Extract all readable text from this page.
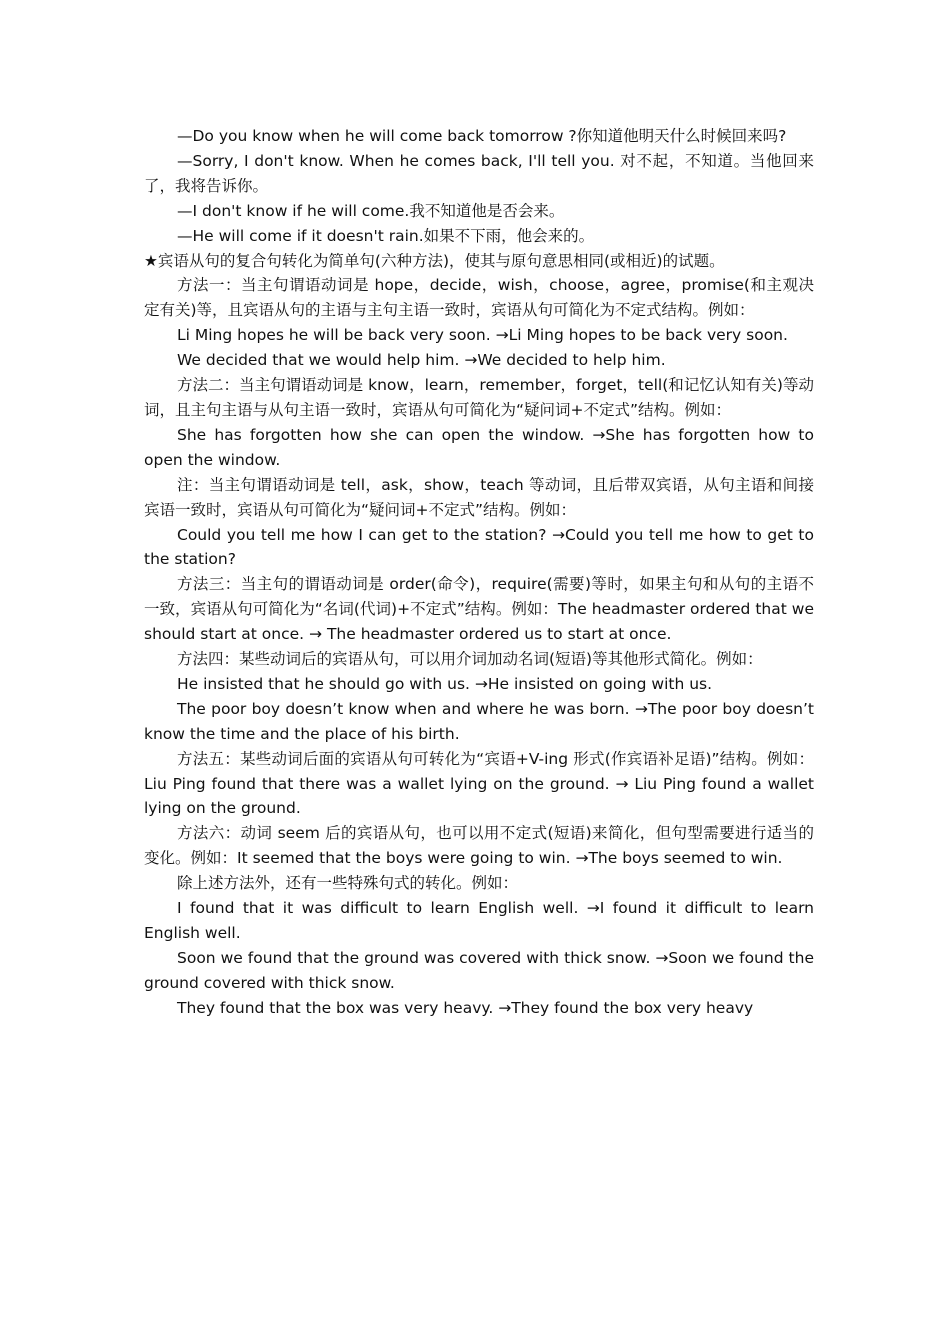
—Do you know when he will come back tomorrow ?你知道他明天什么时候回来吗?

—Sorry, I don't know. When he comes back, I'll tell you. 对不起，不知道。当他回来了，我将告诉你。

—I don't know if he will come.我不知道他是否会来。

—He will come if it doesn't rain.如果不下雨，他会来的。

★宾语从句的复合句转化为简单句(六种方法)，使其与原句意思相同(或相近)的试题。

方法一：当主句谓语动词是 hope，decide，wish，choose，agree，promise(和主观决定有关)等，且宾语从句的主语与主句主语一致时，宾语从句可简化为不定式结构。例如：

Li Ming hopes he will be back very soon. →Li Ming hopes to be back very soon.

We decided that we would help him. →We decided to help him.

方法二：当主句谓语动词是 know，learn，remember，forget，tell(和记忆认知有关)等动词，且主句主语与从句主语一致时，宾语从句可简化为“疑问词+不定式”结构。例如：

She has forgotten how she can open the window. →She has forgotten how to open the window.

注：当主句谓语动词是 tell，ask，show，teach 等动词，且后带双宾语，从句主语和间接宾语一致时，宾语从句可简化为“疑问词+不定式”结构。例如：

Could you tell me how I can get to the station? →Could you tell me how to get to the station?

方法三：当主句的谓语动词是 order(命令)，require(需要)等时，如果主句和从句的主语不一致，宾语从句可简化为“名词(代词)+不定式”结构。例如：The headmaster ordered that we should start at once. → The headmaster ordered us to start at once.

方法四：某些动词后的宾语从句，可以用介词加动名词(短语)等其他形式简化。例如：

He insisted that he should go with us. →He insisted on going with us.

The poor boy doesn’t know when and where he was born. →The poor boy doesn’t know the time and the place of his birth.

方法五：某些动词后面的宾语从句可转化为“宾语+V-ing 形式(作宾语补足语)”结构。例如：Liu Ping found that there was a wallet lying on the ground. → Liu Ping found a wallet lying on the ground.

方法六：动词 seem 后的宾语从句，也可以用不定式(短语)来简化，但句型需要进行适当的变化。例如：It seemed that the boys were going to win. →The boys seemed to win.

除上述方法外，还有一些特殊句式的转化。例如：

I found that it was difficult to learn English well. →I found it difficult to learn English well.

Soon we found that the ground was covered with thick snow. →Soon we found the ground covered with thick snow.

They found that the box was very heavy. →They found the box very heavy
